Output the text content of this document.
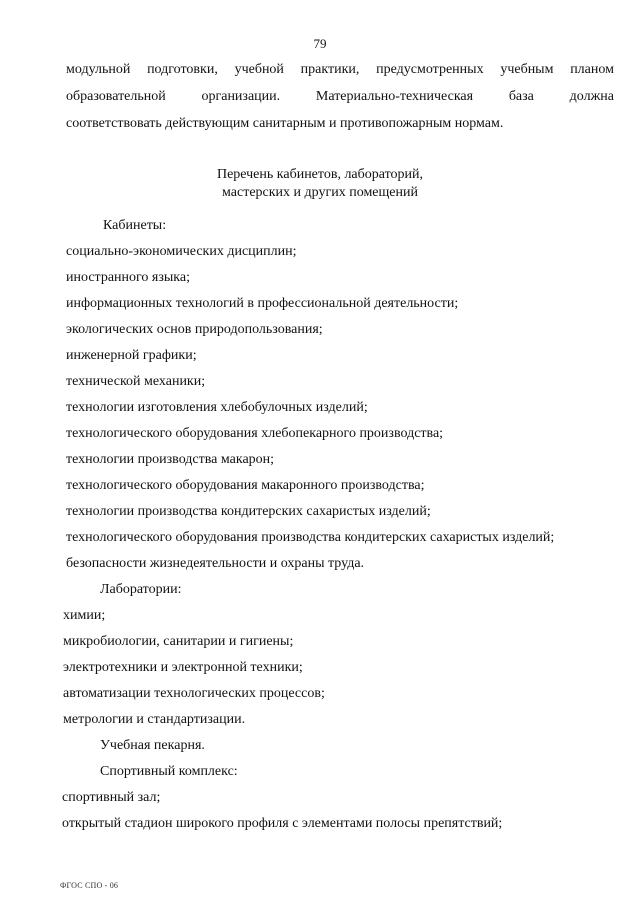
79
модульной подготовки, учебной практики, предусмотренных учебным планом
образовательной	организации.	Материально-техническая	база	должна
соответствовать действующим санитарным и противопожарным нормам.
Перечень кабинетов, лабораторий,
мастерских и других помещений
Кабинеты:
социально-экономических дисциплин;
иностранного языка;
информационных технологий в профессиональной деятельности;
экологических основ природопользования;
инженерной графики;
технической механики;
технологии изготовления хлебобулочных изделий;
технологического оборудования хлебопекарного производства;
технологии производства макарон;
технологического оборудования макаронного производства;
технологии производства кондитерских сахаристых изделий;
технологического оборудования производства кондитерских сахаристых изделий;
безопасности жизнедеятельности и охраны труда.
Лаборатории:
химии;
микробиологии, санитарии и гигиены;
электротехники и электронной техники;
автоматизации технологических процессов;
метрологии и стандартизации.
Учебная пекарня.
Спортивный комплекс:
спортивный зал;
открытый стадион широкого профиля с элементами полосы препятствий;
ФГОС СПО - 06
